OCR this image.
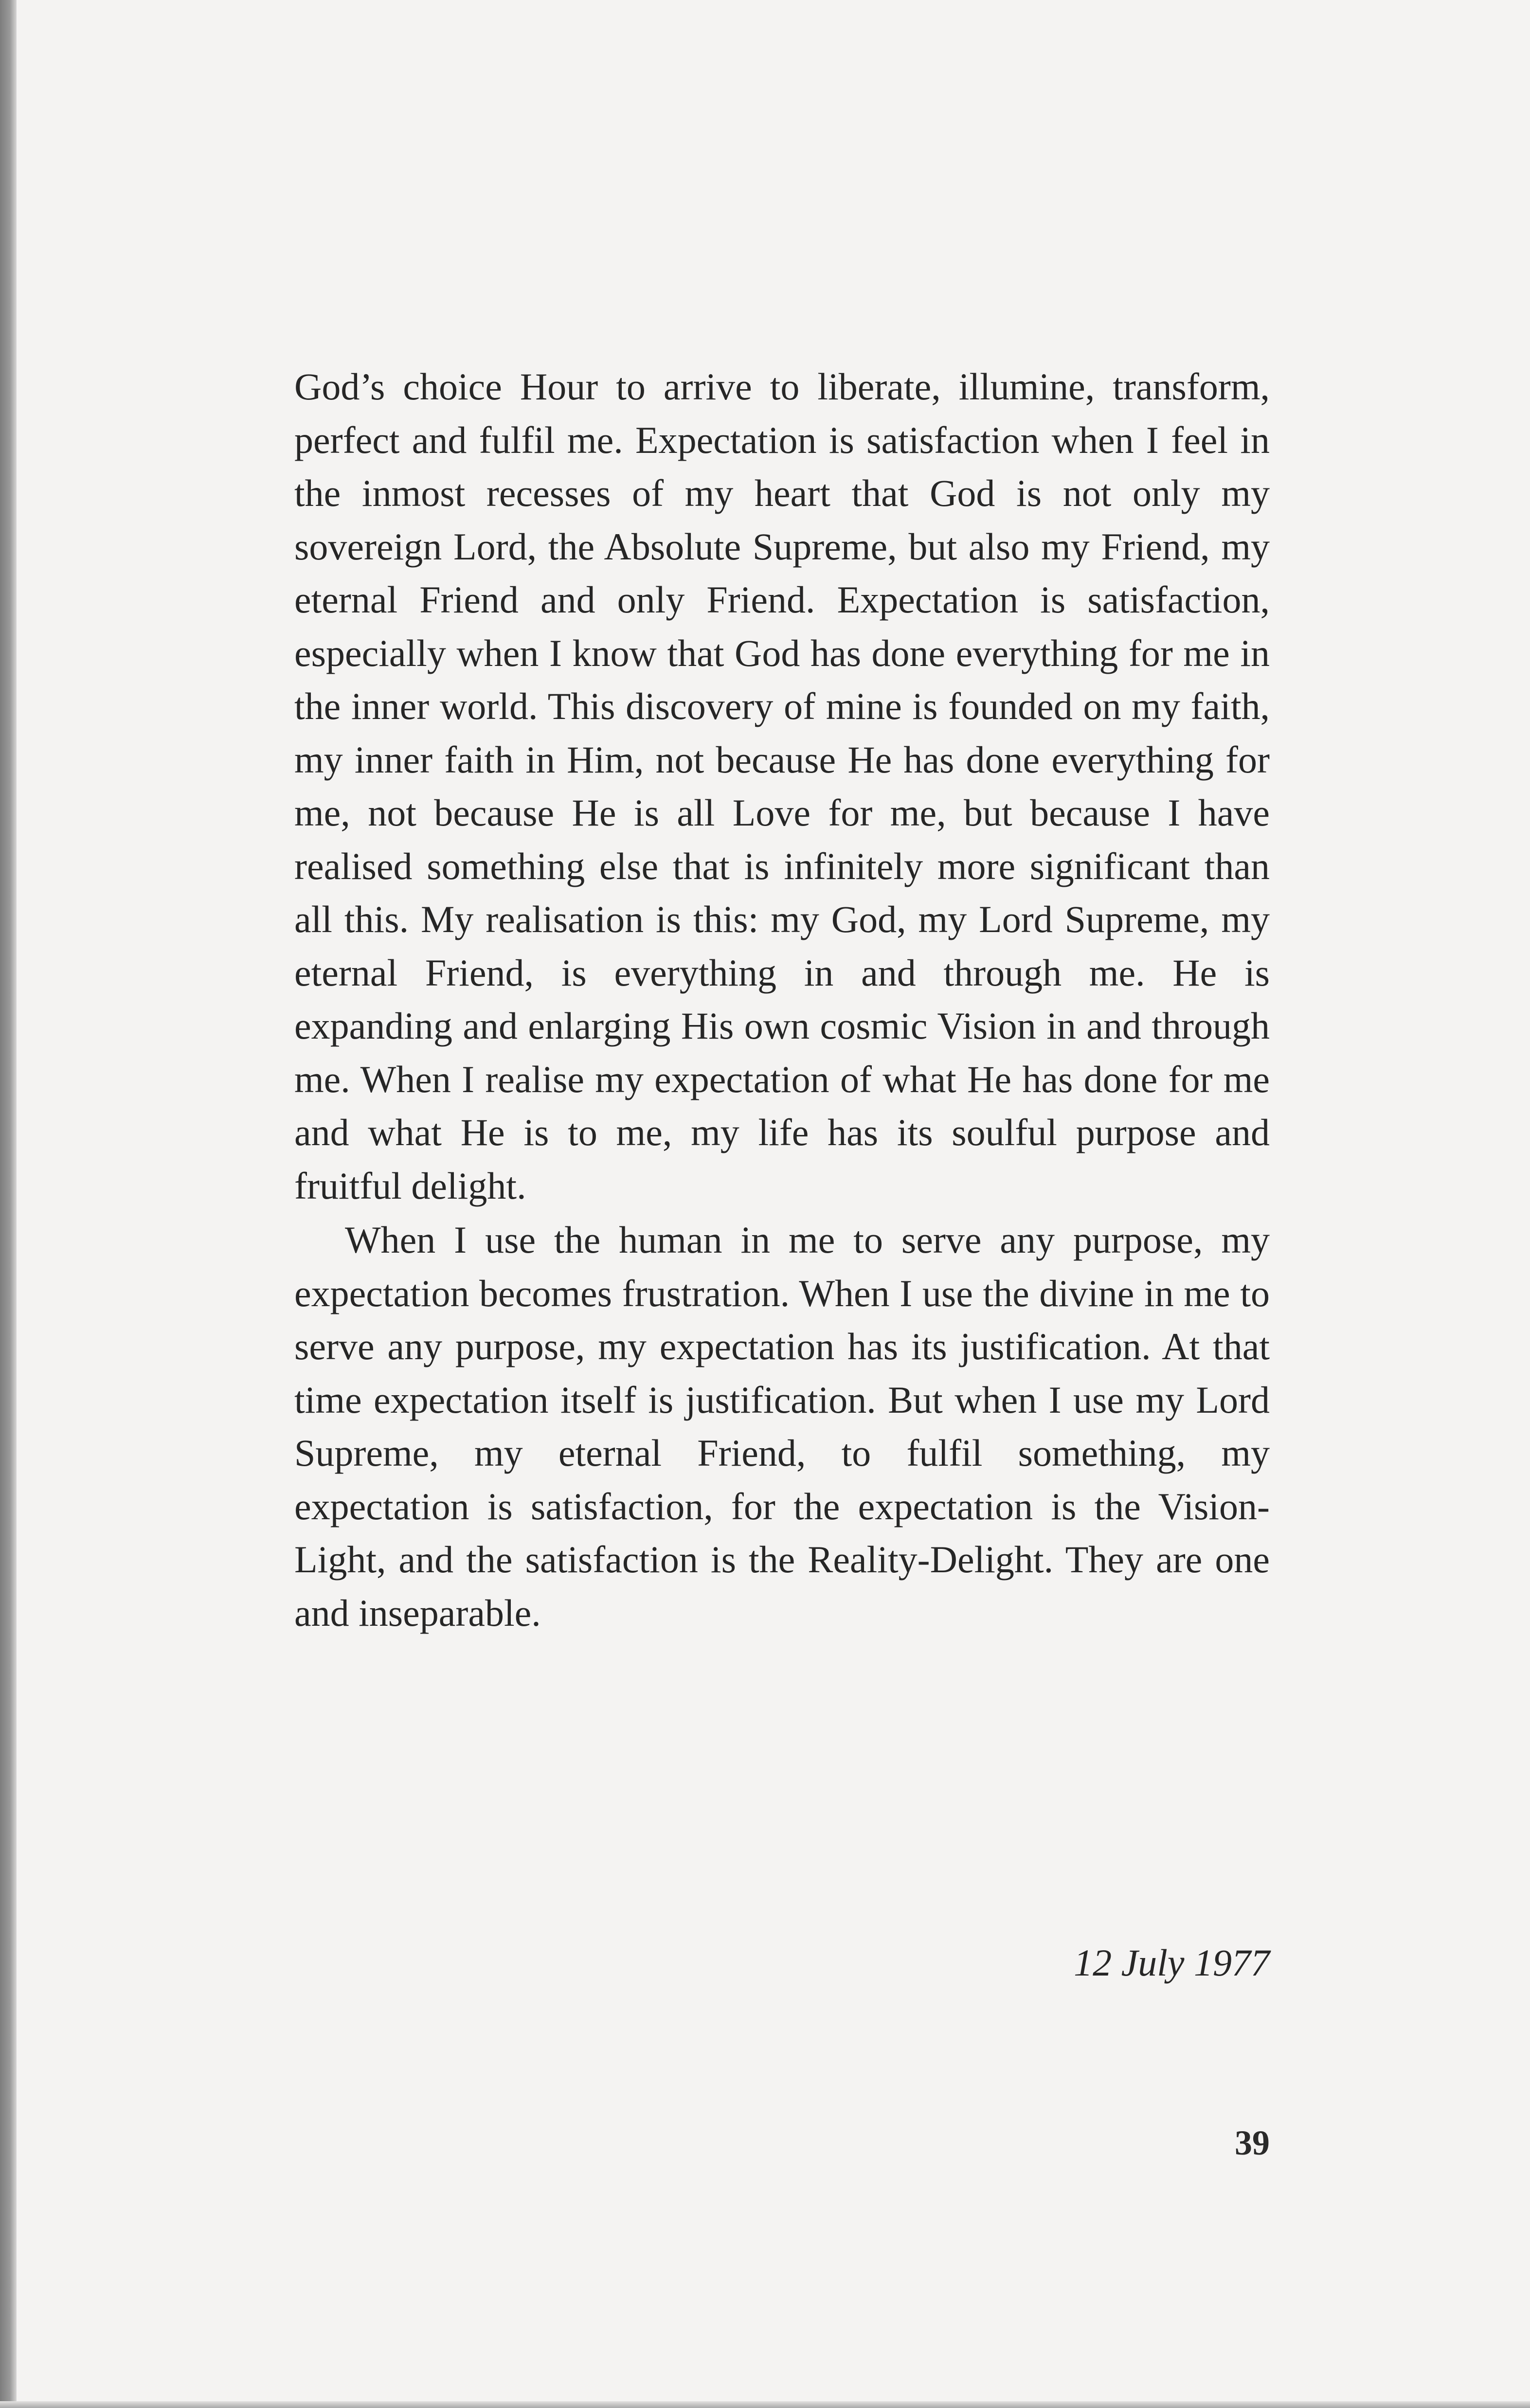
God’s choice Hour to arrive to liberate, illumine, transform, perfect and fulfil me. Expectation is satisfaction when I feel in the inmost recesses of my heart that God is not only my sovereign Lord, the Absolute Supreme, but also my Friend, my eternal Friend and only Friend. Expectation is satisfaction, especially when I know that God has done everything for me in the inner world. This discovery of mine is founded on my faith, my inner faith in Him, not because He has done everything for me, not because He is all Love for me, but because I have realised something else that is infinitely more significant than all this. My realisation is this: my God, my Lord Supreme, my eternal Friend, is everything in and through me. He is expanding and enlarging His own cosmic Vision in and through me. When I realise my expectation of what He has done for me and what He is to me, my life has its soulful purpose and fruitful delight.

When I use the human in me to serve any purpose, my expectation becomes frustration. When I use the divine in me to serve any purpose, my expectation has its justification. At that time expectation itself is justification. But when I use my Lord Supreme, my eternal Friend, to fulfil something, my expectation is satisfaction, for the expectation is the Vision-Light, and the satisfaction is the Reality-Delight. They are one and inseparable.

12 July 1977
39
